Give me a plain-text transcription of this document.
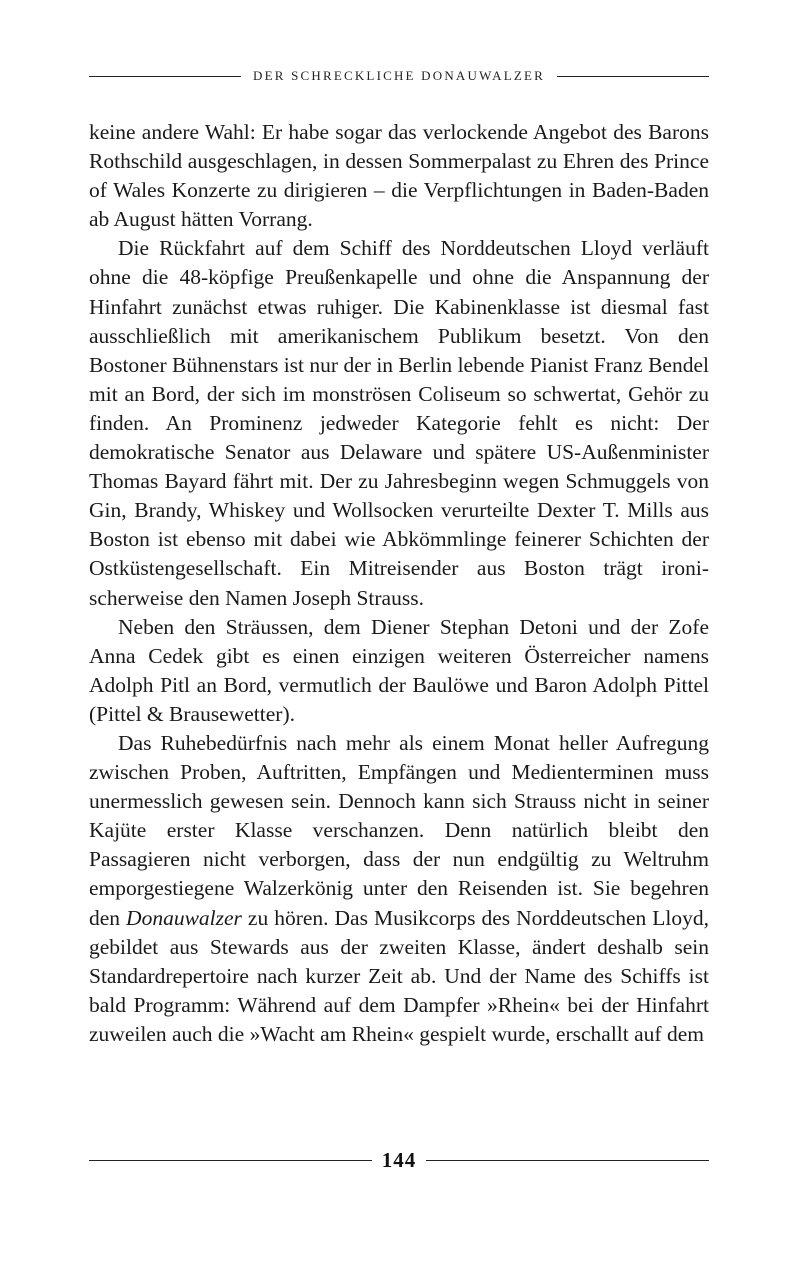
DER SCHRECKLICHE DONAUWALZER

keine andere Wahl: Er habe sogar das verlockende Angebot des Barons Rothschild ausgeschlagen, in dessen Sommerpalast zu Ehren des Prince of Wales Konzerte zu dirigieren – die Verpflichtungen in Baden-Baden ab August hätten Vorrang.

Die Rückfahrt auf dem Schiff des Norddeutschen Lloyd verläuft ohne die 48-köpfige Preußenkapelle und ohne die Anspannung der Hinfahrt zunächst etwas ruhiger. Die Kabinenklasse ist diesmal fast ausschließlich mit amerikanischem Publikum besetzt. Von den Bostoner Bühnenstars ist nur der in Berlin lebende Pianist Franz Bendel mit an Bord, der sich im monströsen Coliseum so schwertat, Gehör zu finden. An Prominenz jedweder Kategorie fehlt es nicht: Der demokratische Senator aus Delaware und spätere US-Außenminister Thomas Bayard fährt mit. Der zu Jahresbeginn wegen Schmuggels von Gin, Brandy, Whiskey und Wollsocken verurteilte Dexter T. Mills aus Boston ist ebenso mit dabei wie Abkömmlinge feinerer Schichten der Ostküstengesellschaft. Ein Mitreisender aus Boston trägt ironischerweise den Namen Joseph Strauss.

Neben den Sträussen, dem Diener Stephan Detoni und der Zofe Anna Cedek gibt es einen einzigen weiteren Österreicher namens Adolph Pitl an Bord, vermutlich der Baulöwe und Baron Adolph Pittel (Pittel & Brausewetter).

Das Ruhebedürfnis nach mehr als einem Monat heller Aufregung zwischen Proben, Auftritten, Empfängen und Medienterminen muss unermesslich gewesen sein. Dennoch kann sich Strauss nicht in seiner Kajüte erster Klasse verschanzen. Denn natürlich bleibt den Passagieren nicht verborgen, dass der nun endgültig zu Weltruhm emporgestiegene Walzerkönig unter den Reisenden ist. Sie begehren den Donauwalzer zu hören. Das Musikcorps des Norddeutschen Lloyd, gebildet aus Stewards aus der zweiten Klasse, ändert deshalb sein Standardrepertoire nach kurzer Zeit ab. Und der Name des Schiffs ist bald Programm: Während auf dem Dampfer »Rhein« bei der Hinfahrt zuweilen auch die »Wacht am Rhein« gespielt wurde, erschallt auf dem

144
